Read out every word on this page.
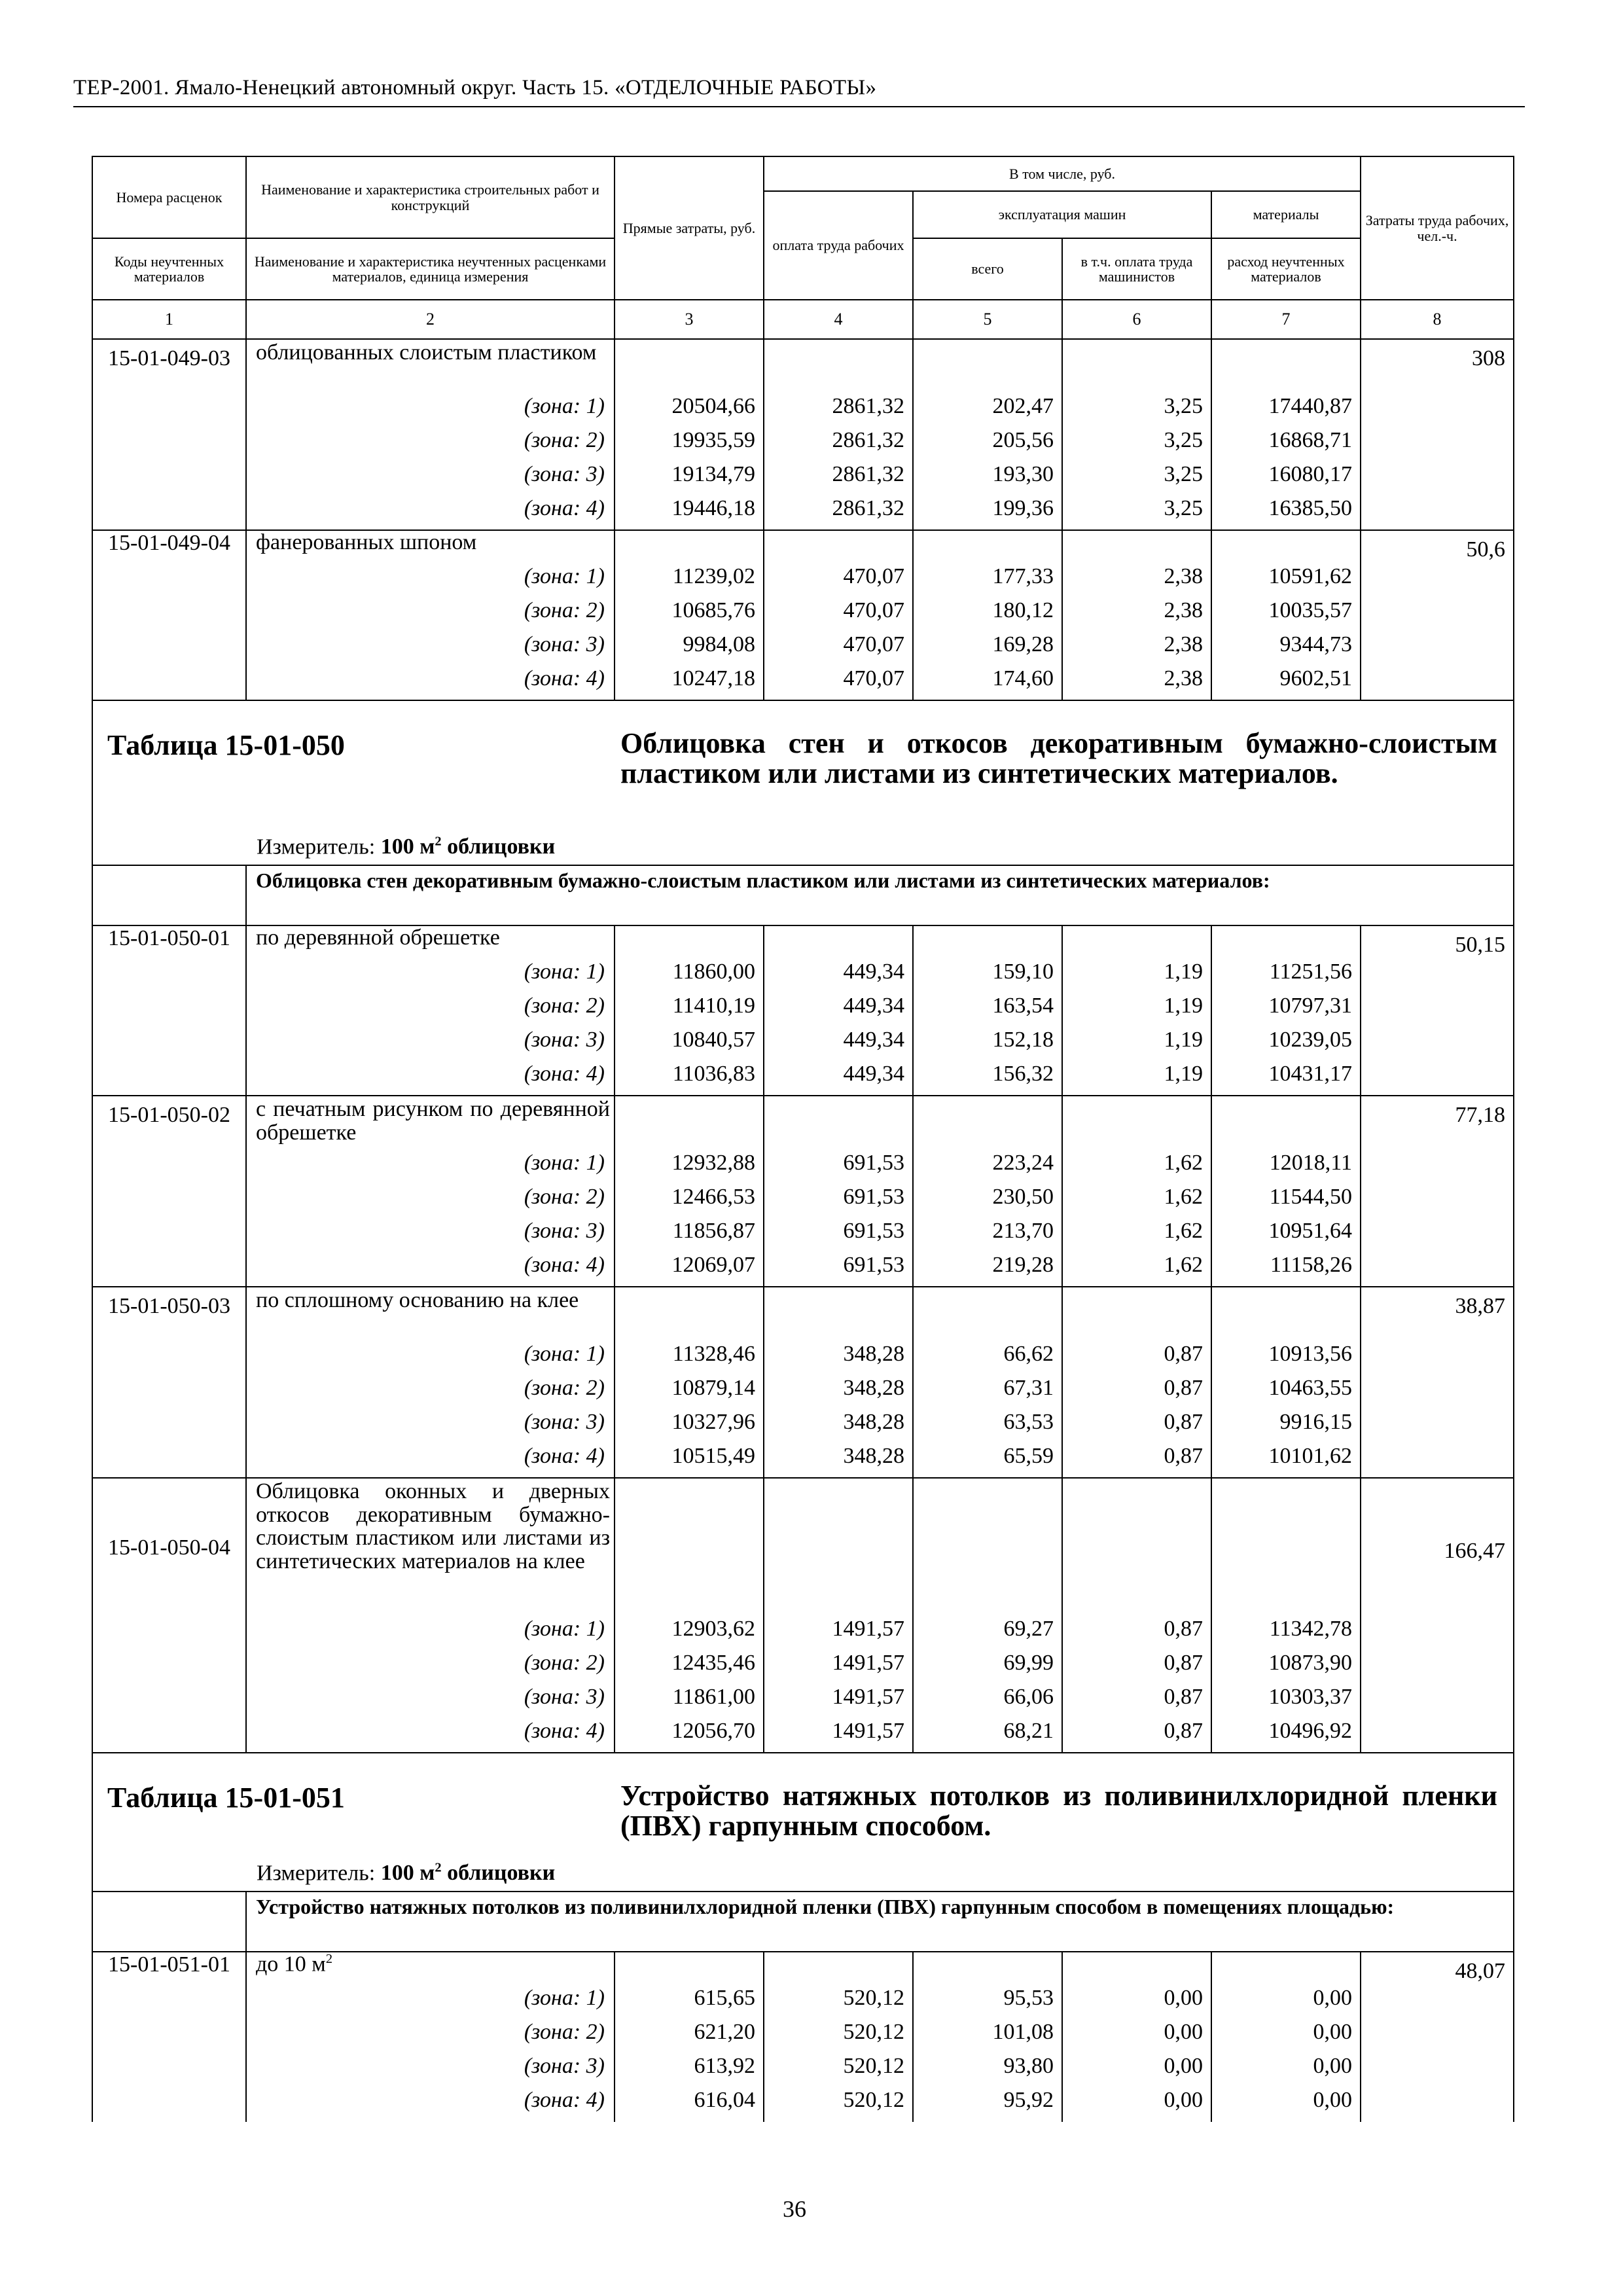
ТЕР-2001. Ямало-Ненецкий автономный округ. Часть 15. «ОТДЕЛОЧНЫЕ РАБОТЫ»
Номера расценок	Наименование и характеристика строительных работ и конструкций	Прямые затраты, руб.	В том числе, руб.				Затраты труда рабочих, чел.-ч.
			оплата труда рабочих	эксплуатация машин		материалы	

Коды неучтенных материалов	Наименование и характеристика неучтенных расценками материалов, единица измерения			всего	в т.ч. оплата труда машинистов	расход неучтенных материалов	
1	2	3	4	5	6	7	8
15-01-049-03	облицованных слоистым пластиком						308
	(зона: 1)	20504,66	2861,32	202,47	3,25	17440,87	
	(зона: 2)	19935,59	2861,32	205,56	3,25	16868,71	
	(зона: 3)	19134,79	2861,32	193,30	3,25	16080,17	
	(зона: 4)	19446,18	2861,32	199,36	3,25	16385,50	
15-01-049-04	фанерованных шпоном						50,6
	(зона: 1)	11239,02	470,07	177,33	2,38	10591,62	
	(зона: 2)	10685,76	470,07	180,12	2,38	10035,57	
	(зона: 3)	9984,08	470,07	169,28	2,38	9344,73	
	(зона: 4)	10247,18	470,07	174,60	2,38	9602,51	

Таблица 15-01-050 Облицовка стен и откосов декоративным бумажно-слоистым пластиком или листами из синтетических материалов.
Измеритель: 100 $м^2$ облицовки							

	Облицовка стен декоративным бумажно-слоистым пластиком или листами из синтетических материалов:						
15-01-050-01	по деревянной обрешетке						50,15
	(зона: 1)	11860,00	449,34	159,10	1,19	11251,56	
	(зона: 2)	11410,19	449,34	163,54	1,19	10797,31	
	(зона: 3)	10840,57	449,34	152,18	1,19	10239,05	
	(зона: 4)	11036,83	449,34	156,32	1,19	10431,17	
15-01-050-02	с печатным рисунком по деревянной обрешетке						77,18
	(зона: 1)	12932,88	691,53	223,24	1,62	12018,11	
	(зона: 2)	12466,53	691,53	230,50	1,62	11544,50	
	(зона: 3)	11856,87	691,53	213,70	1,62	10951,64	
	(зона: 4)	12069,07	691,53	219,28	1,62	11158,26	
15-01-050-03	по сплошному основанию на клее						38,87
	(зона: 1)	11328,46	348,28	66,62	0,87	10913,56	
	(зона: 2)	10879,14	348,28	67,31	0,87	10463,55	
	(зона: 3)	10327,96	348,28	63,53	0,87	9916,15	
	(зона: 4)	10515,49	348,28	65,59	0,87	10101,62	
15-01-050-04	Облицовка оконных и дверных откосов декоративным бумажно-слоистым пластиком или листами из синтетических материалов на клее						166,47
	(зона: 1)	12903,62	1491,57	69,27	0,87	11342,78	
	(зона: 2)	12435,46	1491,57	69,99	0,87	10873,90	
	(зона: 3)	11861,00	1491,57	66,06	0,87	10303,37	
	(зона: 4)	12056,70	1491,57	68,21	0,87	10496,92	

Таблица 15-01-051 Устройство натяжных потолков из поливинилхлоридной пленки (ПВХ) гарпунным способом.
Измеритель: 100 $м^2$ облицовки							

	Устройство натяжных потолков из поливинилхлоридной пленки (ПВХ) гарпунным способом в помещениях площадью:						
15-01-051-01	до 10 $м^2$						48,07
	(зона: 1)	615,65	520,12	95,53	0,00	0,00	
	(зона: 2)	621,20	520,12	101,08	0,00	0,00	
	(зона: 3)	613,92	520,12	93,80	0,00	0,00	
	(зона: 4)	616,04	520,12	95,92	0,00	0,00	
36
